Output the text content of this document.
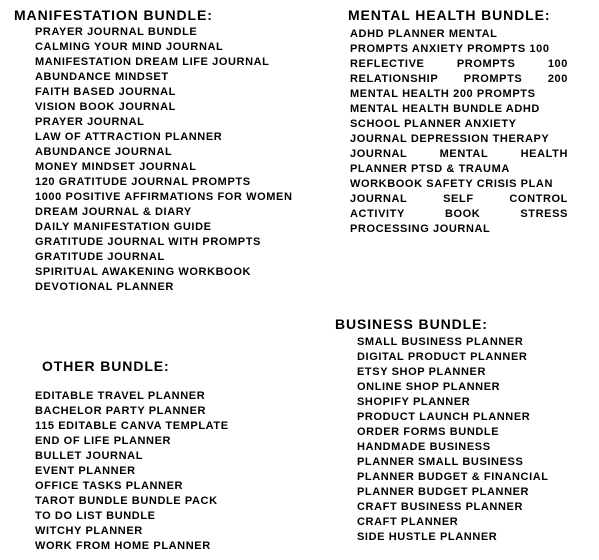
MANIFESTATION BUNDLE:
PRAYER JOURNAL BUNDLE
CALMING YOUR MIND JOURNAL
MANIFESTATION DREAM LIFE JOURNAL
ABUNDANCE MINDSET
FAITH BASED JOURNAL
VISION BOOK JOURNAL
PRAYER JOURNAL
LAW OF ATTRACTION PLANNER
ABUNDANCE JOURNAL
MONEY MINDSET JOURNAL
120 GRATITUDE JOURNAL PROMPTS
1000 POSITIVE AFFIRMATIONS FOR WOMEN
DREAM JOURNAL & DIARY
DAILY MANIFESTATION GUIDE
GRATITUDE JOURNAL WITH PROMPTS
GRATITUDE JOURNAL
SPIRITUAL AWAKENING WORKBOOK
DEVOTIONAL PLANNER
MENTAL HEALTH BUNDLE:
ADHD PLANNER MENTAL
PROMPTS ANXIETY PROMPTS 100
REFLECTIVE	PROMPTS	100
RELATIONSHIP PROMPTS 200
MENTAL HEALTH 200 PROMPTS
MENTAL HEALTH BUNDLE ADHD
SCHOOL PLANNER ANXIETY
JOURNAL DEPRESSION THERAPY
JOURNAL	MENTAL	HEALTH
PLANNER PTSD & TRAUMA
WORKBOOK SAFETY CRISIS PLAN
JOURNAL	SELF	CONTROL
ACTIVITY	BOOK	STRESS
PROCESSING JOURNAL
BUSINESS BUNDLE:
SMALL BUSINESS PLANNER
DIGITAL PRODUCT PLANNER
ETSY SHOP PLANNER
ONLINE SHOP PLANNER
SHOPIFY PLANNER
PRODUCT LAUNCH PLANNER
ORDER FORMS BUNDLE
HANDMADE BUSINESS
PLANNER SMALL BUSINESS
PLANNER BUDGET & FINANCIAL
PLANNER BUDGET PLANNER
CRAFT BUSINESS PLANNER
CRAFT PLANNER
SIDE HUSTLE PLANNER
OTHER BUNDLE:
EDITABLE TRAVEL PLANNER
BACHELOR PARTY PLANNER
115 EDITABLE CANVA TEMPLATE
END OF LIFE PLANNER
BULLET JOURNAL
EVENT PLANNER
OFFICE TASKS PLANNER
TAROT BUNDLE BUNDLE PACK
TO DO LIST BUNDLE
WITCHY PLANNER
WORK FROM HOME PLANNER
